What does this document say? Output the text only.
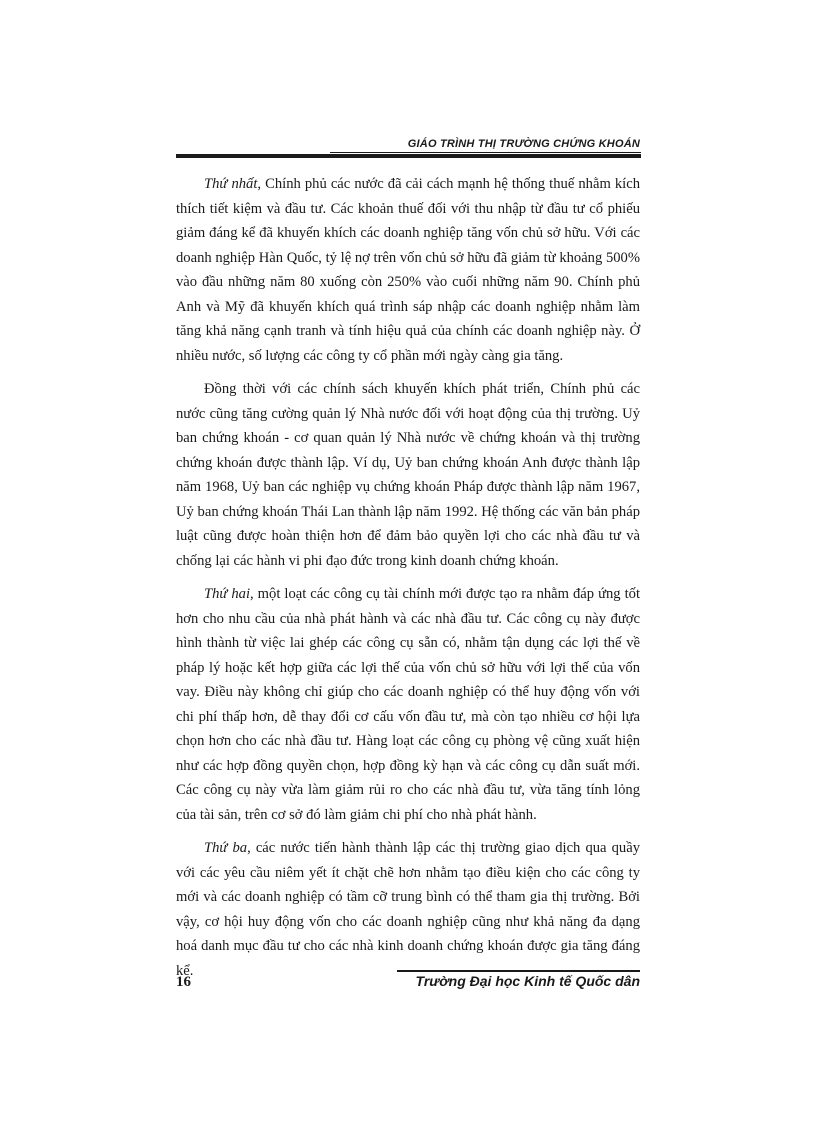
GIÁO TRÌNH THỊ TRƯỜNG CHỨNG KHOÁN

Thứ nhất, Chính phủ các nước đã cải cách mạnh hệ thống thuế nhằm kích thích tiết kiệm và đầu tư. Các khoản thuế đối với thu nhập từ đầu tư cổ phiếu giảm đáng kể đã khuyến khích các doanh nghiệp tăng vốn chủ sở hữu. Với các doanh nghiệp Hàn Quốc, tỷ lệ nợ trên vốn chủ sở hữu đã giảm từ khoảng 500% vào đầu những năm 80 xuống còn 250% vào cuối những năm 90. Chính phủ Anh và Mỹ đã khuyến khích quá trình sáp nhập các doanh nghiệp nhằm làm tăng khả năng cạnh tranh và tính hiệu quả của chính các doanh nghiệp này. Ở nhiều nước, số lượng các công ty cổ phần mới ngày càng gia tăng.

Đồng thời với các chính sách khuyến khích phát triển, Chính phủ các nước cũng tăng cường quản lý Nhà nước đối với hoạt động của thị trường. Uỷ ban chứng khoán - cơ quan quản lý Nhà nước về chứng khoán và thị trường chứng khoán được thành lập. Ví dụ, Uỷ ban chứng khoán Anh được thành lập năm 1968, Uỷ ban các nghiệp vụ chứng khoán Pháp được thành lập năm 1967, Uỷ ban chứng khoán Thái Lan thành lập năm 1992. Hệ thống các văn bản pháp luật cũng được hoàn thiện hơn để đảm bảo quyền lợi cho các nhà đầu tư và chống lại các hành vi phi đạo đức trong kinh doanh chứng khoán.

Thứ hai, một loạt các công cụ tài chính mới được tạo ra nhằm đáp ứng tốt hơn cho nhu cầu của nhà phát hành và các nhà đầu tư. Các công cụ này được hình thành từ việc lai ghép các công cụ sẵn có, nhằm tận dụng các lợi thế về pháp lý hoặc kết hợp giữa các lợi thế của vốn chủ sở hữu với lợi thế của vốn vay. Điều này không chỉ giúp cho các doanh nghiệp có thể huy động vốn với chi phí thấp hơn, dễ thay đổi cơ cấu vốn đầu tư, mà còn tạo nhiều cơ hội lựa chọn hơn cho các nhà đầu tư. Hàng loạt các công cụ phòng vệ cũng xuất hiện như các hợp đồng quyền chọn, hợp đồng kỳ hạn và các công cụ dẫn suất mới. Các công cụ này vừa làm giảm rủi ro cho các nhà đầu tư, vừa tăng tính lỏng của tài sản, trên cơ sở đó làm giảm chi phí cho nhà phát hành.

Thứ ba, các nước tiến hành thành lập các thị trường giao dịch qua quầy với các yêu cầu niêm yết ít chặt chẽ hơn nhằm tạo điều kiện cho các công ty mới và các doanh nghiệp có tầm cỡ trung bình có thể tham gia thị trường. Bởi vậy, cơ hội huy động vốn cho các doanh nghiệp cũng như khả năng đa dạng hoá danh mục đầu tư cho các nhà kinh doanh chứng khoán được gia tăng đáng kể.

16	Trường Đại học Kinh tế Quốc dân
